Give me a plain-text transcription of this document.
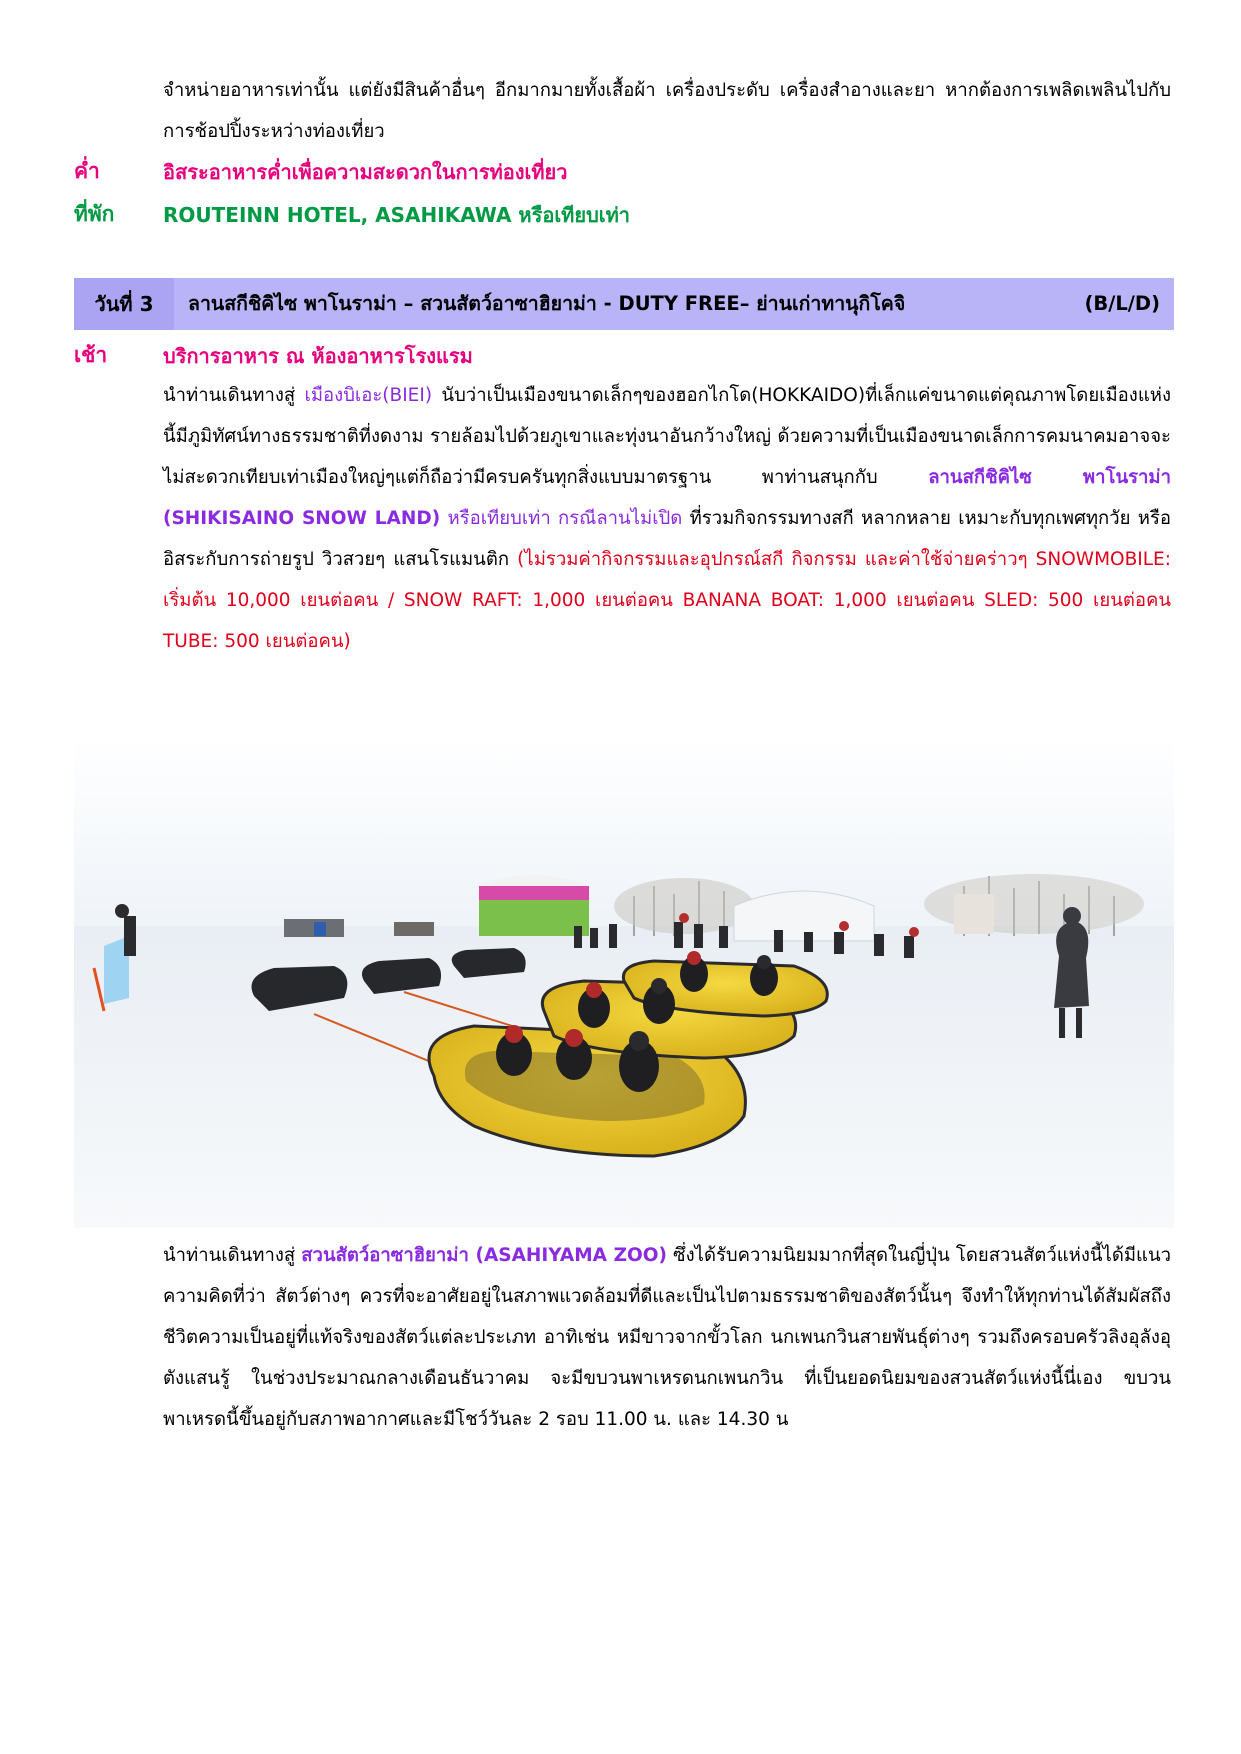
จำหน่ายอาหารเท่านั้น แต่ยังมีสินค้าอื่นๆ อีกมากมายทั้งเสื้อผ้า เครื่องประดับ เครื่องสำอางและยา หากต้องการเพลิดเพลินไปกับการช้อปปิ้งระหว่างท่องเที่ยว

ค่ำ	อิสระอาหารค่ำเพื่อความสะดวกในการท่องเที่ยว
ที่พัก ROUTEINN HOTEL, ASAHIKAWA หรือเทียบเท่า
วันที่ 3	ลานสกีชิคิไซ พาโนราม่า – สวนสัตว์อาซาฮิยาม่า - DUTY FREE– ย่านเก่าทานุกิโคจิ	(B/L/D)
เช้า	บริการอาหาร ณ ห้องอาหารโรงแรม

นำท่านเดินทางสู่ เมืองบิเอะ(BIEI) นับว่าเป็นเมืองขนาดเล็กๆของฮอกไกโด(HOKKAIDO)ที่เล็กแค่ขนาดแต่คุณภาพโดยเมืองแห่งนี้มีภูมิทัศน์ทางธรรมชาติที่งดงาม รายล้อมไปด้วยภูเขาและทุ่งนาอันกว้างใหญ่ ด้วยความที่เป็นเมืองขนาดเล็กการคมนาคมอาจจะไม่สะดวกเทียบเท่าเมืองใหญ่ๆแต่ก็ถือว่ามีครบครันทุกสิ่งแบบมาตรฐาน พาท่านสนุกกับ ลานสกีชิคิไซ พาโนราม่า (SHIKISAINO SNOW LAND) หรือเทียบเท่า กรณีลานไม่เปิด ที่รวมกิจกรรมทางสกี หลากหลาย เหมาะกับทุกเพศทุกวัย หรืออิสระกับการถ่ายรูป วิวสวยๆ แสนโรแมนติก (ไม่รวมค่ากิจกรรมและอุปกรณ์สกี กิจกรรม และค่าใช้จ่ายคร่าวๆ SNOWMOBILE: เริ่มต้น 10,000 เยนต่อคน / SNOW RAFT: 1,000 เยนต่อคน BANANA BOAT: 1,000 เยนต่อคน SLED: 500 เยนต่อคน TUBE: 500 เยนต่อคน)

นำท่านเดินทางสู่ สวนสัตว์อาซาฮิยาม่า (ASAHIYAMA ZOO) ซึ่งได้รับความนิยมมากที่สุดในญี่ปุ่น โดยสวนสัตว์แห่งนี้ได้มีแนวความคิดที่ว่า สัตว์ต่างๆ ควรที่จะอาศัยอยู่ในสภาพแวดล้อมที่ดีและเป็นไปตามธรรมชาติของสัตว์นั้นๆ จึงทำให้ทุกท่านได้สัมผัสถึงชีวิตความเป็นอยู่ที่แท้จริงของสัตว์แต่ละประเภท อาทิเช่น หมีขาวจากขั้วโลก นกเพนกวินสายพันธุ์ต่างๆ รวมถึงครอบครัวลิงอุลังอุตังแสนรู้ ในช่วงประมาณกลางเดือนธันวาคม จะมีขบวนพาเหรดนกเพนกวิน ที่เป็นยอดนิยมของสวนสัตว์แห่งนี้นี่เอง ขบวนพาเหรดนี้ขึ้นอยู่กับสภาพอากาศและมีโชว์วันละ 2 รอบ 11.00 น. และ 14.30 น
